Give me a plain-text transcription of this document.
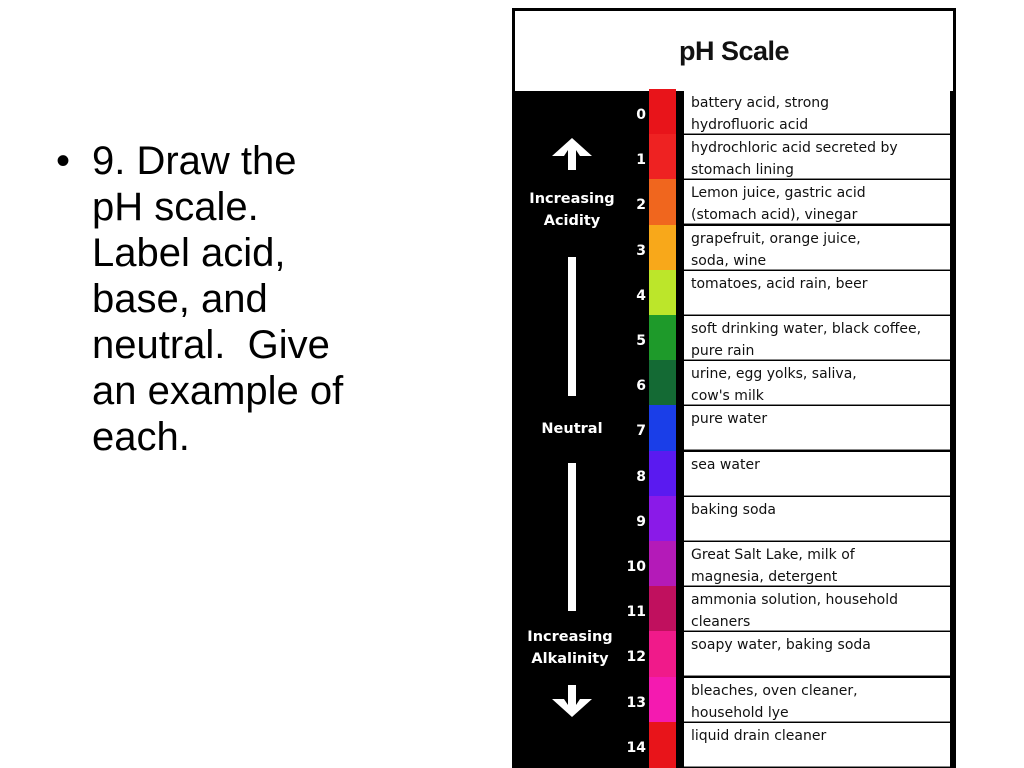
• 9. Draw the
pH scale.
Label acid,
base, and
neutral.  Give
an example of
each.
pH Scale
Increasing
Acidity
Neutral
Increasing
Alkalinity
0
battery acid, strong
hydrofluoric acid
1
hydrochloric acid secreted by
stomach lining
2
Lemon juice, gastric acid
(stomach acid), vinegar
3
grapefruit, orange juice,
soda, wine
4
tomatoes, acid rain, beer
5
soft drinking water, black coffee,
pure rain
6
urine, egg yolks, saliva,
cow's milk
7
pure water
8
sea water
9
baking soda
10
Great Salt Lake, milk of
magnesia, detergent
11
ammonia solution, household
cleaners
12
soapy water, baking soda
13
bleaches, oven cleaner,
household lye
14
liquid drain cleaner
